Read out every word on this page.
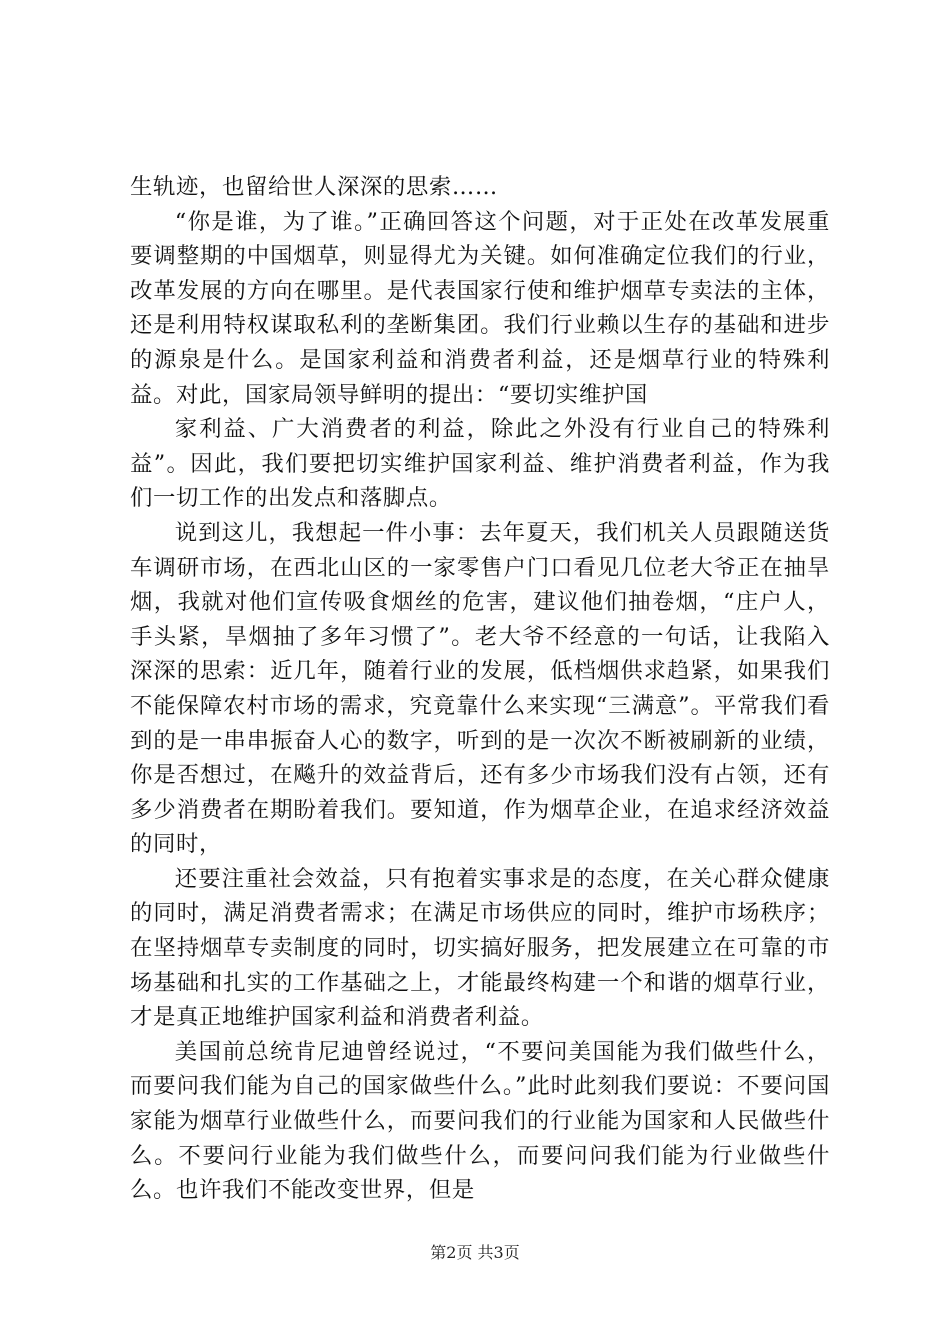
生轨迹，也留给世人深深的思索……

“你是谁，为了谁。”正确回答这个问题，对于正处在改革发展重要调整期的中国烟草，则显得尤为关键。如何准确定位我们的行业，改革发展的方向在哪里。是代表国家行使和维护烟草专卖法的主体，还是利用特权谋取私利的垄断集团。我们行业赖以生存的基础和进步的源泉是什么。是国家利益和消费者利益，还是烟草行业的特殊利益。对此，国家局领导鲜明的提出：“要切实维护国

家利益、广大消费者的利益，除此之外没有行业自己的特殊利益”。因此，我们要把切实维护国家利益、维护消费者利益，作为我们一切工作的出发点和落脚点。

说到这儿，我想起一件小事：去年夏天，我们机关人员跟随送货车调研市场，在西北山区的一家零售户门口看见几位老大爷正在抽旱烟，我就对他们宣传吸食烟丝的危害，建议他们抽卷烟，“庄户人，手头紧，旱烟抽了多年习惯了”。老大爷不经意的一句话，让我陷入深深的思索：近几年，随着行业的发展，低档烟供求趋紧，如果我们不能保障农村市场的需求，究竟靠什么来实现“三满意”。平常我们看到的是一串串振奋人心的数字，听到的是一次次不断被刷新的业绩，你是否想过，在飚升的效益背后，还有多少市场我们没有占领，还有多少消费者在期盼着我们。要知道，作为烟草企业，在追求经济效益的同时，

还要注重社会效益，只有抱着实事求是的态度，在关心群众健康的同时，满足消费者需求；在满足市场供应的同时，维护市场秩序；在坚持烟草专卖制度的同时，切实搞好服务，把发展建立在可靠的市场基础和扎实的工作基础之上，才能最终构建一个和谐的烟草行业，才是真正地维护国家利益和消费者利益。

美国前总统肯尼迪曾经说过，“不要问美国能为我们做些什么，而要问我们能为自己的国家做些什么。”此时此刻我们要说：不要问国家能为烟草行业做些什么，而要问我们的行业能为国家和人民做些什么。不要问行业能为我们做些什么，而要问问我们能为行业做些什么。也许我们不能改变世界，但是

第2页 共3页
